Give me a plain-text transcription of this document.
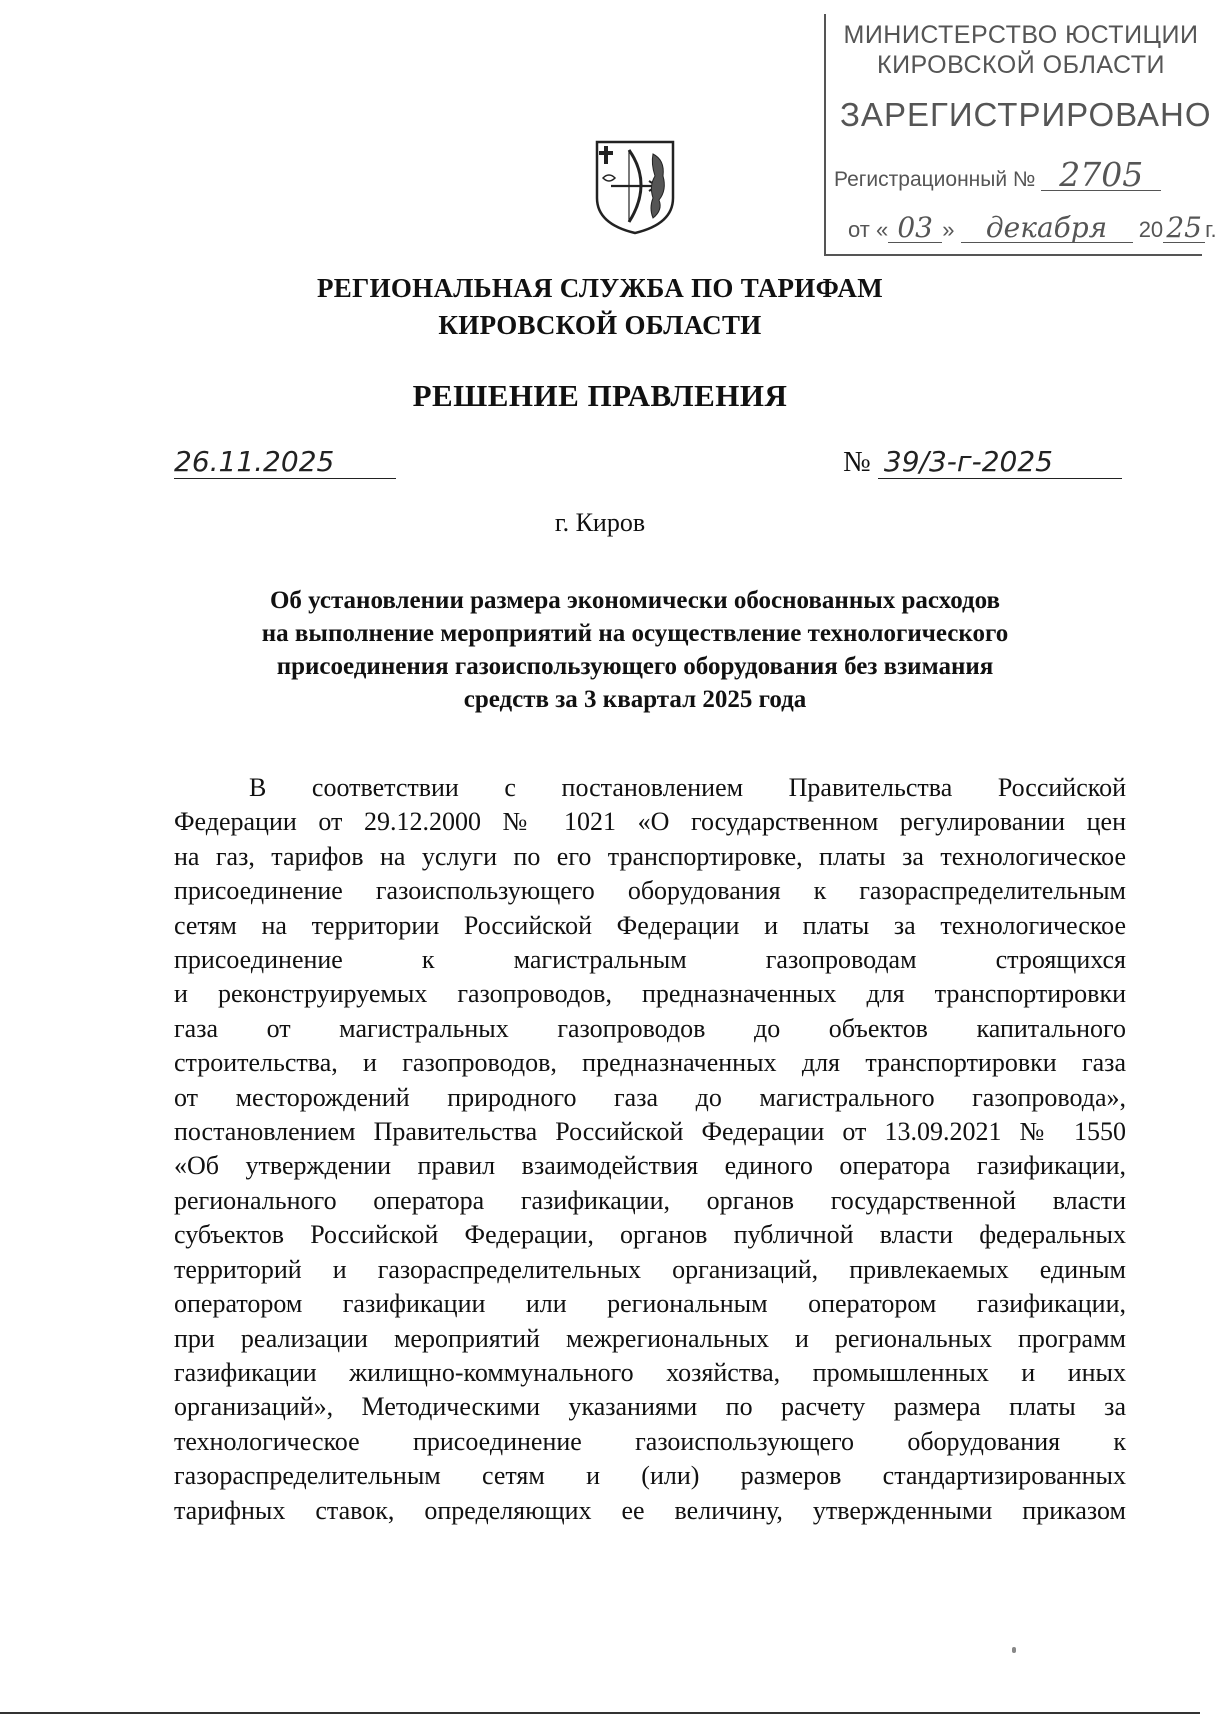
МИНИСТЕРСТВО ЮСТИЦИИ
КИРОВСКОЙ ОБЛАСТИ
ЗАРЕГИСТРИРОВАНО
Регистрационный № 2705
от « 03 » декабря 20 25 г.
РЕГИОНАЛЬНАЯ СЛУЖБА ПО ТАРИФАМ
КИРОВСКОЙ ОБЛАСТИ
РЕШЕНИЕ ПРАВЛЕНИЯ
26.11.2025	№ 39/3-г-2025
г. Киров
Об установлении размера экономически обоснованных расходов
на выполнение мероприятий на осуществление технологического
присоединения газоиспользующего оборудования без взимания
средств за 3 квартал 2025 года
В соответствии с постановлением Правительства Российской
Федерации от 29.12.2000 № 1021 «О государственном регулировании цен
на газ, тарифов на услуги по его транспортировке, платы за технологическое
присоединение газоиспользующего оборудования к газораспределительным
сетям на территории Российской Федерации и платы за технологическое
присоединение к магистральным газопроводам строящихся
и реконструируемых газопроводов, предназначенных для транспортировки
газа от магистральных газопроводов до объектов капитального
строительства, и газопроводов, предназначенных для транспортировки газа
от месторождений природного газа до магистрального газопровода»,
постановлением Правительства Российской Федерации от 13.09.2021 № 1550
«Об утверждении правил взаимодействия единого оператора газификации,
регионального оператора газификации, органов государственной власти
субъектов Российской Федерации, органов публичной власти федеральных
территорий и газораспределительных организаций, привлекаемых единым
оператором газификации или региональным оператором газификации,
при реализации мероприятий межрегиональных и региональных программ
газификации жилищно-коммунального хозяйства, промышленных и иных
организаций», Методическими указаниями по расчету размера платы за
технологическое присоединение газоиспользующего оборудования к
газораспределительным сетям и (или) размеров стандартизированных
тарифных ставок, определяющих ее величину, утвержденными приказом
